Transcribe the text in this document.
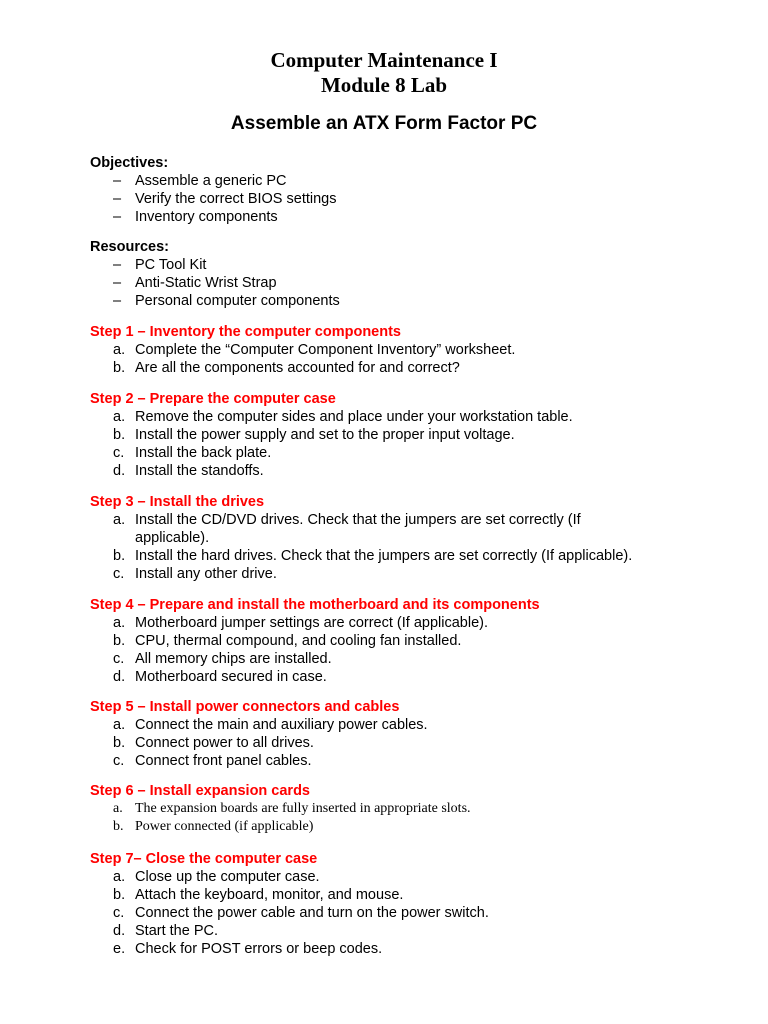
Computer Maintenance I
Module 8 Lab
Assemble an ATX Form Factor PC
Objectives:
– Assemble a generic PC
– Verify the correct BIOS settings
– Inventory components
Resources:
– PC Tool Kit
– Anti-Static Wrist Strap
– Personal computer components
Step 1 – Inventory the computer components
a. Complete the “Computer Component Inventory” worksheet.
b. Are all the components accounted for and correct?
Step 2 – Prepare the computer case
a. Remove the computer sides and place under your workstation table.
b. Install the power supply and set to the proper input voltage.
c. Install the back plate.
d. Install the standoffs.
Step 3 – Install the drives
a. Install the CD/DVD drives. Check that the jumpers are set correctly (If
applicable).
b. Install the hard drives. Check that the jumpers are set correctly (If applicable).
c. Install any other drive.
Step 4 – Prepare and install the motherboard and its components
a. Motherboard jumper settings are correct (If applicable).
b. CPU, thermal compound, and cooling fan installed.
c. All memory chips are installed.
d. Motherboard secured in case.
Step 5 – Install power connectors and cables
a. Connect the main and auxiliary power cables.
b. Connect power to all drives.
c. Connect front panel cables.
Step 6 – Install expansion cards
a. The expansion boards are fully inserted in appropriate slots.
b. Power connected (if applicable)
Step 7– Close the computer case
a. Close up the computer case.
b. Attach the keyboard, monitor, and mouse.
c. Connect the power cable and turn on the power switch.
d. Start the PC.
e. Check for POST errors or beep codes.
